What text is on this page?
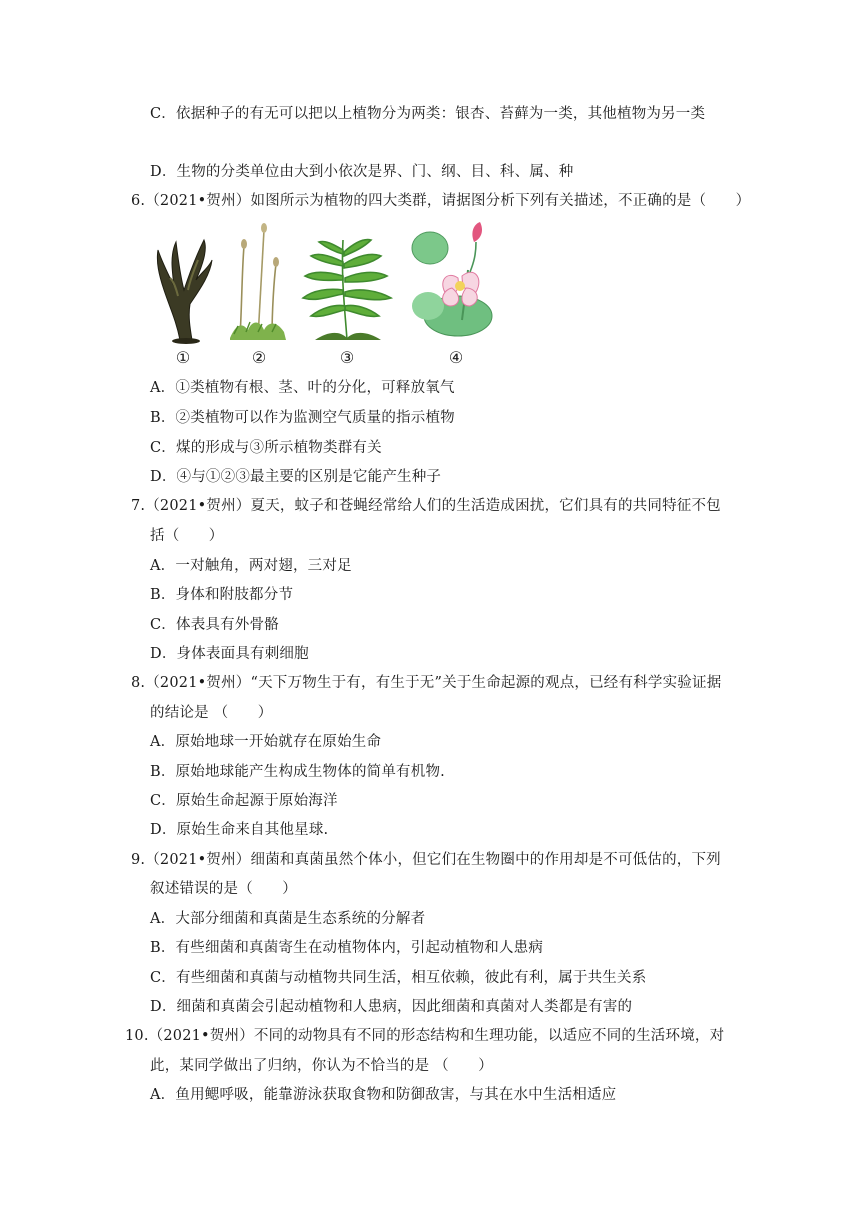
C．依据种子的有无可以把以上植物分为两类：银杏、苔藓为一类，其他植物为另一类
D．生物的分类单位由大到小依次是界、门、纲、目、科、属、种
6.（2021•贺州）如图所示为植物的四大类群，请据图分析下列有关描述，不正确的是（　　）
①	②	③	④
A．①类植物有根、茎、叶的分化，可释放氧气
B．②类植物可以作为监测空气质量的指示植物
C．煤的形成与③所示植物类群有关
D．④与①②③最主要的区别是它能产生种子
7.（2021•贺州）夏天，蚊子和苍蝇经常给人们的生活造成困扰，它们具有的共同特征不包
括（　　）
A．一对触角，两对翅，三对足
B．身体和附肢都分节
C．体表具有外骨骼
D．身体表面具有刺细胞
8.（2021•贺州）“天下万物生于有，有生于无”关于生命起源的观点，已经有科学实验证据
的结论是 （　　）
A．原始地球一开始就存在原始生命
B．原始地球能产生构成生物体的简单有机物.
C．原始生命起源于原始海洋
D．原始生命来自其他星球.
9.（2021•贺州）细菌和真菌虽然个体小，但它们在生物圈中的作用却是不可低估的，下列
叙述错误的是（　　）
A．大部分细菌和真菌是生态系统的分解者
B．有些细菌和真菌寄生在动植物体内，引起动植物和人患病
C．有些细菌和真菌与动植物共同生活，相互依赖，彼此有利，属于共生关系
D．细菌和真菌会引起动植物和人患病，因此细菌和真菌对人类都是有害的
10.（2021•贺州）不同的动物具有不同的形态结构和生理功能，以适应不同的生活环境，对
此，某同学做出了归纳，你认为不恰当的是 （　　）
A．鱼用鳃呼吸，能靠游泳获取食物和防御敌害，与其在水中生活相适应
